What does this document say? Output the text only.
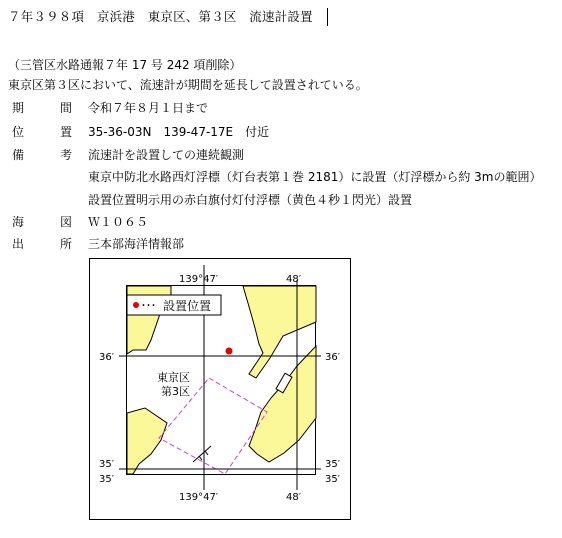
７年３９８項　京浜港　東京区、第３区　流速計設置
（三管区水路通報７年 17 号 242 項削除）
東京区第３区において、流速計が期間を延長して設置されている。
期	間 令和７年８月１日まで
位	置 35-36-03N　139-47-17E　付近
備	考 流速計を設置しての連続観測
東京中防北水路西灯浮標（灯台表第１巻 2181）に設置（灯浮標から約 3mの範囲）
設置位置明示用の赤白旗付灯付浮標（黄色４秒１閃光）設置
海	図 Ｗ１０６５
出	所 三本部海洋情報部
･･･ 設置位置
東京区
第3区
139°47′	48′
139°47′	48′
36′	36′
35′	35′
35′	35′
